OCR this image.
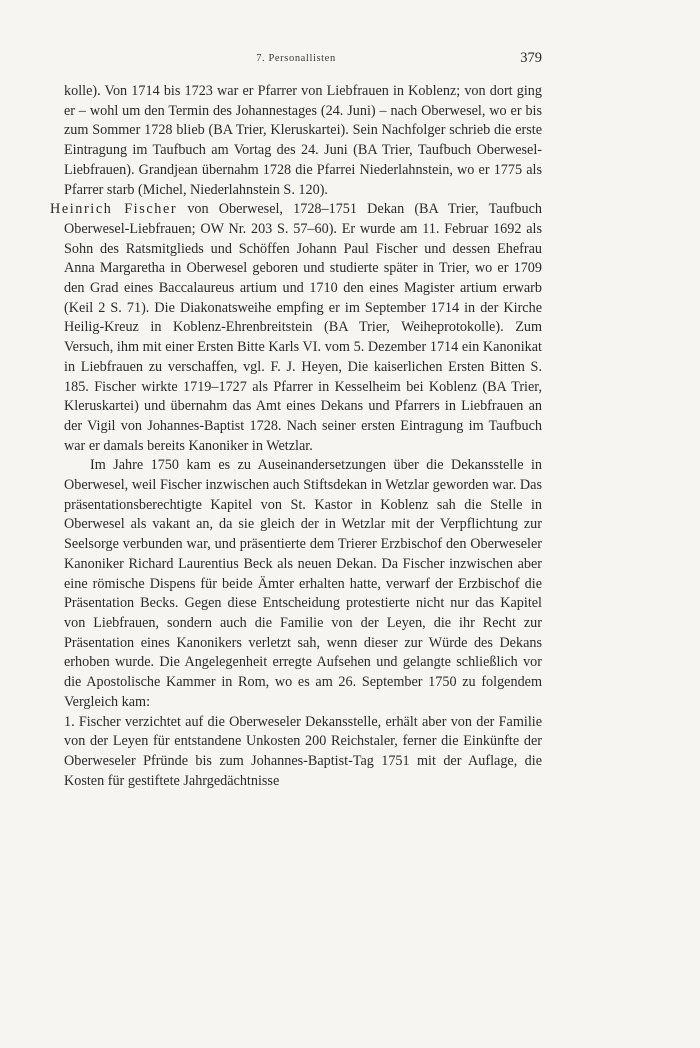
7. Personallisten	379

kolle). Von 1714 bis 1723 war er Pfarrer von Liebfrauen in Koblenz; von dort ging er – wohl um den Termin des Johannestages (24. Juni) – nach Oberwesel, wo er bis zum Sommer 1728 blieb (BA Trier, Kleruskartei). Sein Nachfolger schrieb die erste Eintragung im Taufbuch am Vortag des 24. Juni (BA Trier, Taufbuch Oberwesel-Liebfrauen). Grandjean übernahm 1728 die Pfarrei Niederlahnstein, wo er 1775 als Pfarrer starb (Michel, Niederlahnstein S. 120).

Heinrich Fischer von Oberwesel, 1728–1751 Dekan (BA Trier, Taufbuch Oberwesel-Liebfrauen; OW Nr. 203 S. 57–60). Er wurde am 11. Februar 1692 als Sohn des Ratsmitglieds und Schöffen Johann Paul Fischer und dessen Ehefrau Anna Margaretha in Oberwesel geboren und studierte später in Trier, wo er 1709 den Grad eines Baccalaureus artium und 1710 den eines Magister artium erwarb (Keil 2 S. 71). Die Diakonatsweihe empfing er im September 1714 in der Kirche Heilig-Kreuz in Koblenz-Ehrenbreitstein (BA Trier, Weiheprotokolle). Zum Versuch, ihm mit einer Ersten Bitte Karls VI. vom 5. Dezember 1714 ein Kanonikat in Liebfrauen zu verschaffen, vgl. F. J. Heyen, Die kaiserlichen Ersten Bitten S. 185. Fischer wirkte 1719–1727 als Pfarrer in Kesselheim bei Koblenz (BA Trier, Kleruskartei) und übernahm das Amt eines Dekans und Pfarrers in Liebfrauen an der Vigil von Johannes-Baptist 1728. Nach seiner ersten Eintragung im Taufbuch war er damals bereits Kanoniker in Wetzlar.

Im Jahre 1750 kam es zu Auseinandersetzungen über die Dekansstelle in Oberwesel, weil Fischer inzwischen auch Stiftsdekan in Wetzlar geworden war. Das präsentationsberechtigte Kapitel von St. Kastor in Koblenz sah die Stelle in Oberwesel als vakant an, da sie gleich der in Wetzlar mit der Verpflichtung zur Seelsorge verbunden war, und präsentierte dem Trierer Erzbischof den Oberweseler Kanoniker Richard Laurentius Beck als neuen Dekan. Da Fischer inzwischen aber eine römische Dispens für beide Ämter erhalten hatte, verwarf der Erzbischof die Präsentation Becks. Gegen diese Entscheidung protestierte nicht nur das Kapitel von Liebfrauen, sondern auch die Familie von der Leyen, die ihr Recht zur Präsentation eines Kanonikers verletzt sah, wenn dieser zur Würde des Dekans erhoben wurde. Die Angelegenheit erregte Aufsehen und gelangte schließlich vor die Apostolische Kammer in Rom, wo es am 26. September 1750 zu folgendem Vergleich kam:

1. Fischer verzichtet auf die Oberweseler Dekansstelle, erhält aber von der Familie von der Leyen für entstandene Unkosten 200 Reichstaler, ferner die Einkünfte der Oberweseler Pfründe bis zum Johannes-Baptist-Tag 1751 mit der Auflage, die Kosten für gestiftete Jahrgedächtnisse
